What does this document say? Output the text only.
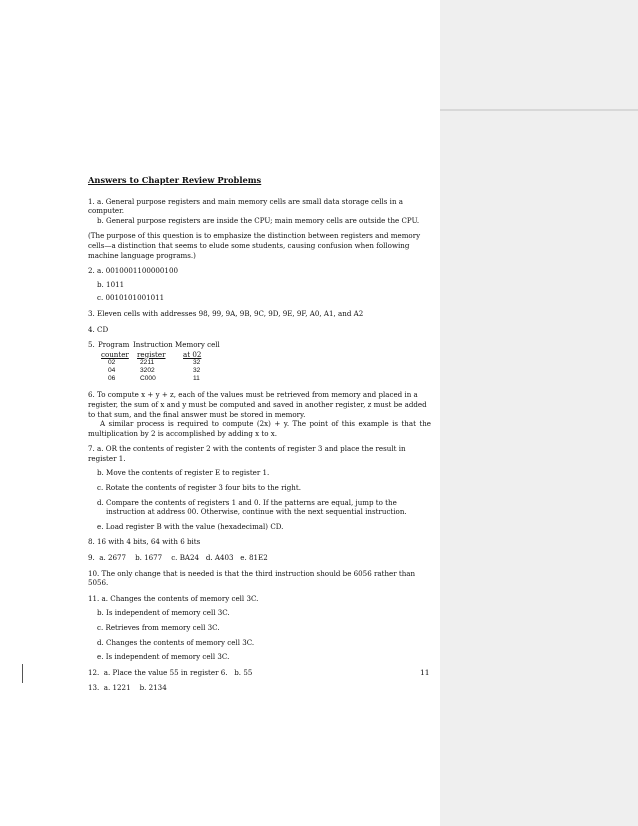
Answers to Chapter Review Problems
1. a. General purpose registers and main memory cells are small data storage cells in a computer.
b. General purpose registers are inside the CPU; main memory cells are outside the CPU.
(The purpose of this question is to emphasize the distinction between registers and memory cells—a distinction that seems to elude some students, causing confusion when following machine language programs.)
2. a. 0010001100000100
b. 1011
c. 0010101001011
3. Eleven cells with addresses 98, 99, 9A, 9B, 9C, 9D, 9E, 9F, A0, A1, and A2
4. CD
5. Program Instruction Memory cell
counter	register	at 02
02	2211	32
04	3202	32
06	C000	11
6. To compute x + y + z, each of the values must be retrieved from memory and placed in a register, the sum of x and y must be computed and saved in another register, z must be added to that sum, and the final answer must be stored in memory.
A similar process is required to compute (2x) + y. The point of this example is that the multiplication by 2 is accomplished by adding x to x.
7. a. OR the contents of register 2 with the contents of register 3 and place the result in register 1.
b. Move the contents of register E to register 1.
c. Rotate the contents of register 3 four bits to the right.
d. Compare the contents of registers 1 and 0. If the patterns are equal, jump to the instruction at address 00. Otherwise, continue with the next sequential instruction.
e. Load register B with the value (hexadecimal) CD.
8. 16 with 4 bits, 64 with 6 bits
9.  a. 2677    b. 1677    c. BA24   d. A403   e. 81E2
10. The only change that is needed is that the third instruction should be 6056 rather than 5056.
11. a. Changes the contents of memory cell 3C.
b. Is independent of memory cell 3C.
c. Retrieves from memory cell 3C.
d. Changes the contents of memory cell 3C.
e. Is independent of memory cell 3C.
12.  a. Place the value 55 in register 6.   b. 55
13.  a. 1221    b. 2134
11
